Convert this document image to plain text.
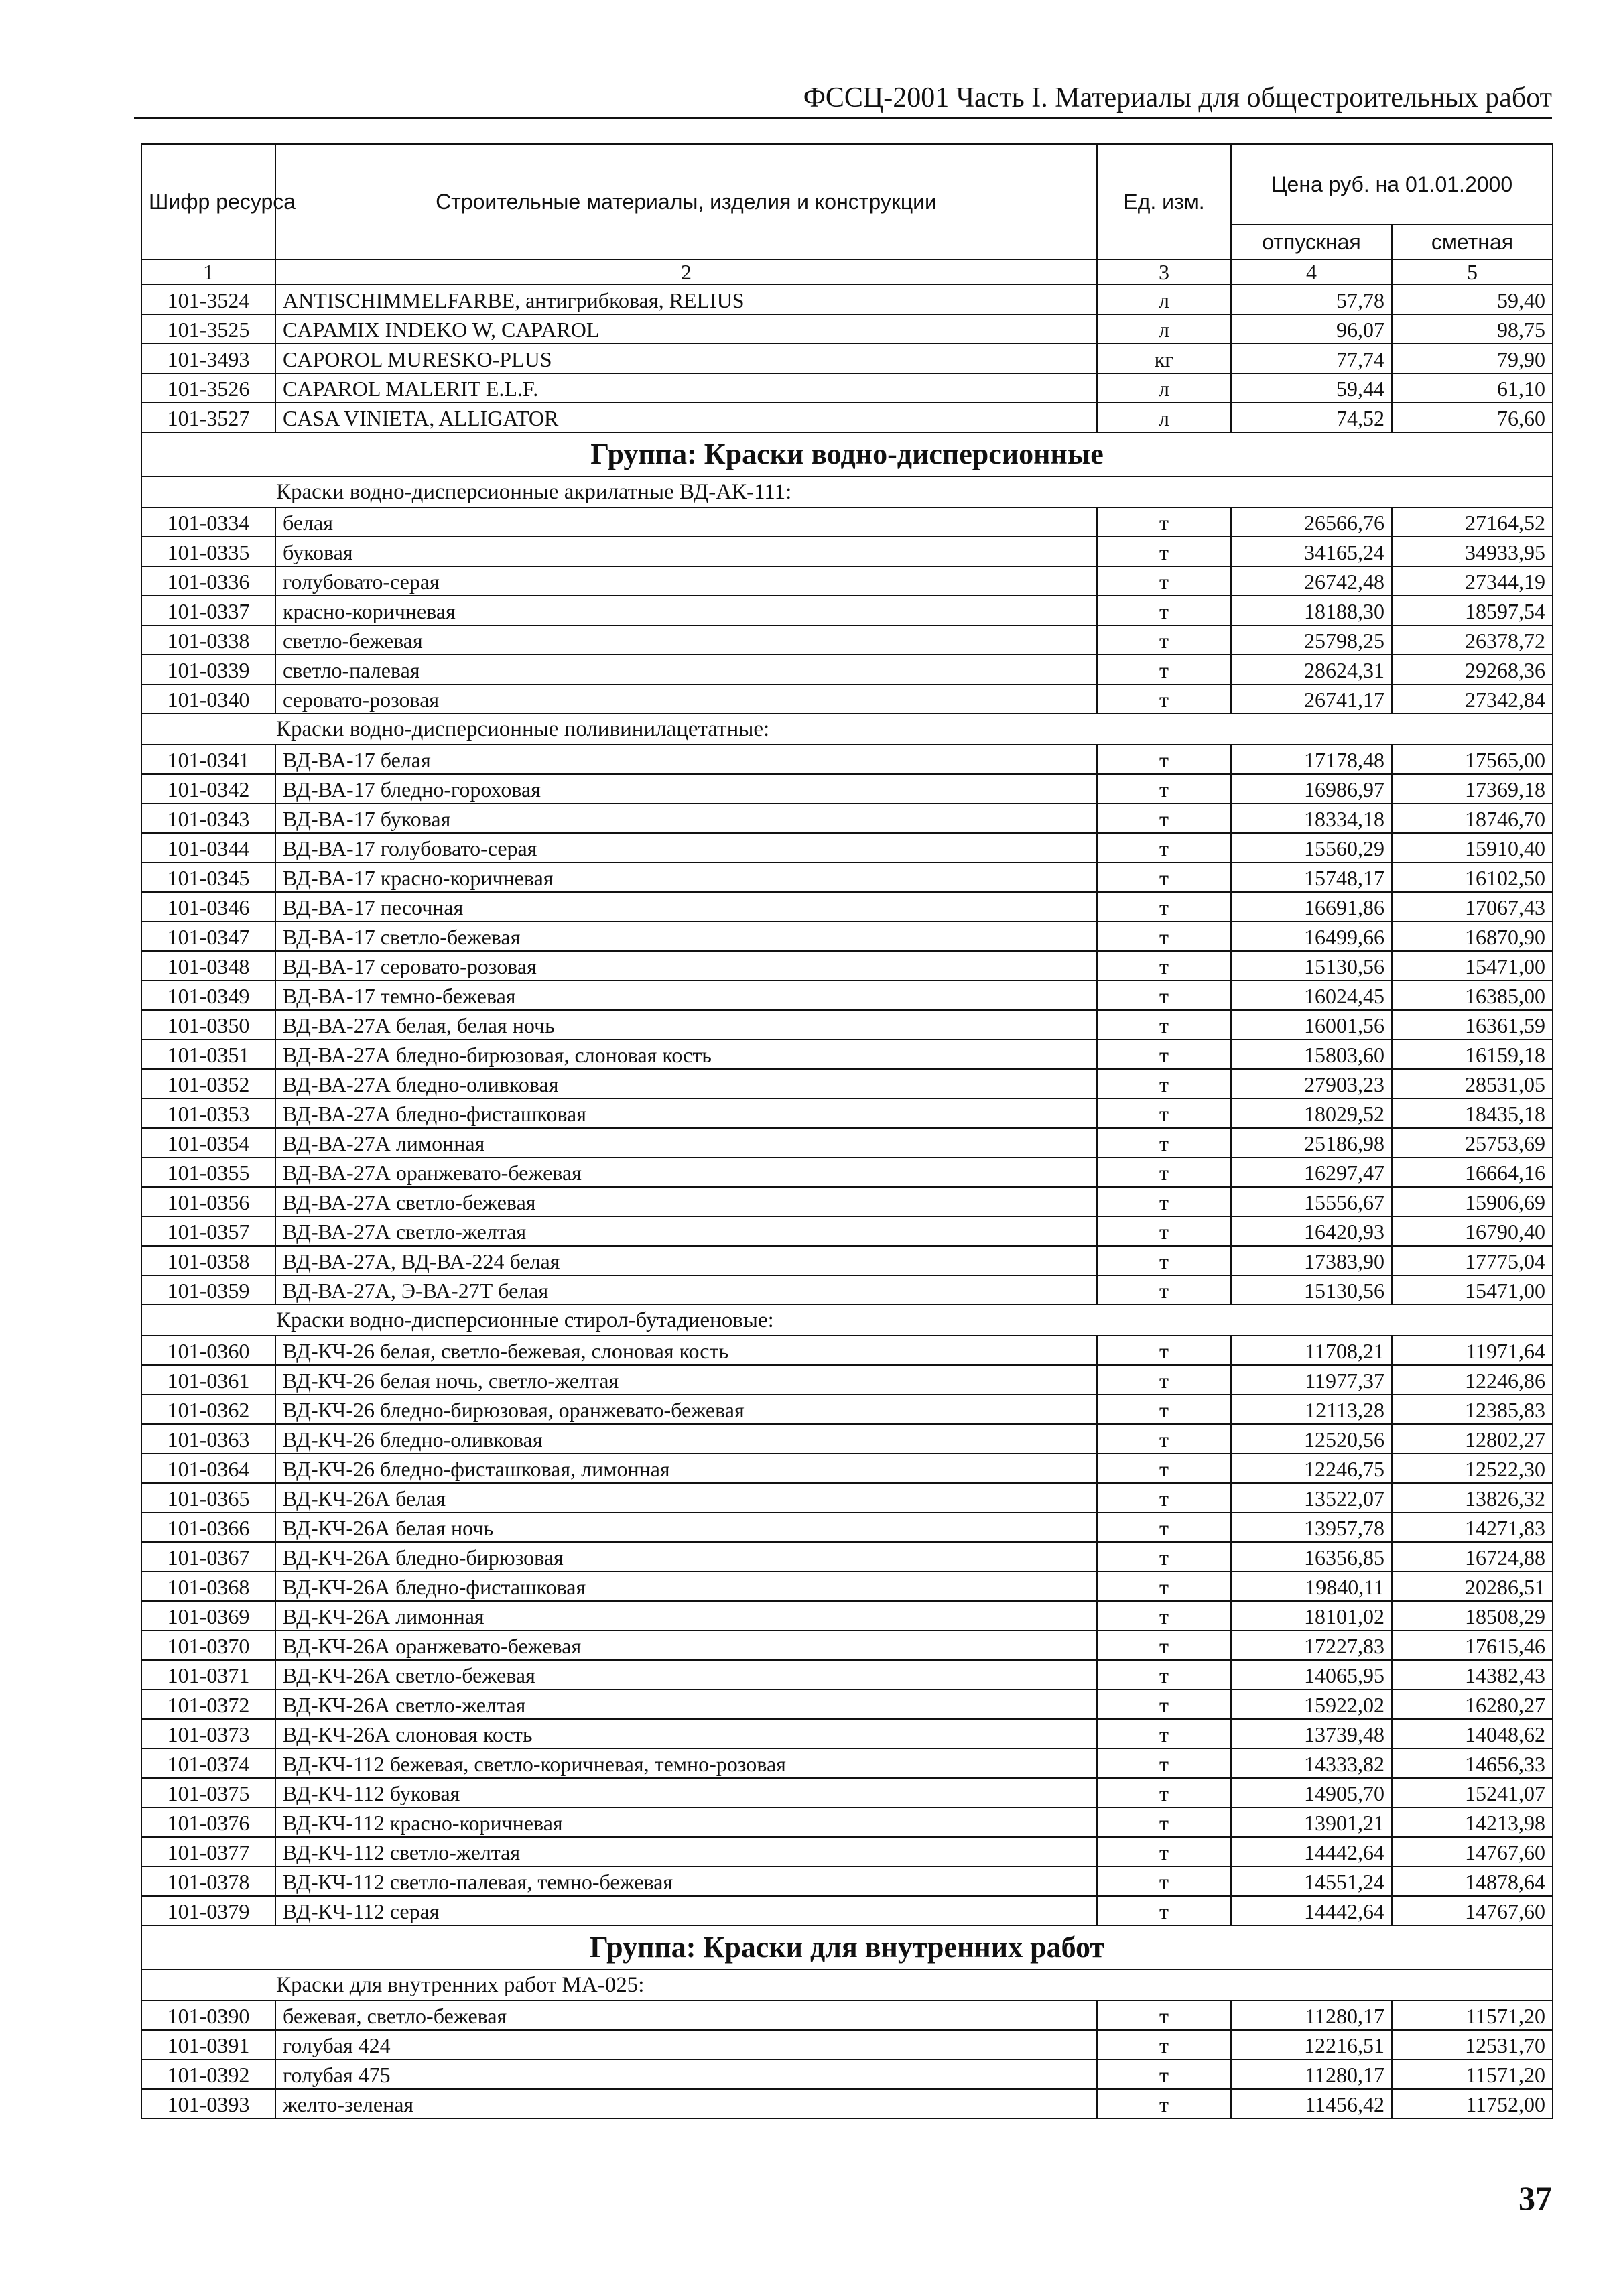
ФССЦ-2001 Часть I. Материалы для общестроительных работ
Шифр ресурса	Строительные материалы, изделия и конструкции	Ед. изм.	Цена руб. на 01.01.2000	
			отпускная	сметная
1	2	3	4	5
101-3524	ANTISCHIMMELFARBE, антигрибковая, RELIUS	л	57,78	59,40
101-3525	CAPAMIX INDEKO W, CAPAROL	л	96,07	98,75
101-3493	CAPOROL MURESKO-PLUS	кг	77,74	79,90
101-3526	CAPAROL MALERIT E.L.F.	л	59,44	61,10
101-3527	CASA VINIETA, ALLIGATOR	л	74,52	76,60
Группа: Краски водно-дисперсионные				
Краски водно-дисперсионные акрилатные ВД-АК-111:				
101-0334	белая	т	26566,76	27164,52
101-0335	буковая	т	34165,24	34933,95
101-0336	голубовато-серая	т	26742,48	27344,19
101-0337	красно-коричневая	т	18188,30	18597,54
101-0338	светло-бежевая	т	25798,25	26378,72
101-0339	светло-палевая	т	28624,31	29268,36
101-0340	серовато-розовая	т	26741,17	27342,84
Краски водно-дисперсионные поливинилацетатные:				
101-0341	ВД-ВА-17 белая	т	17178,48	17565,00
101-0342	ВД-ВА-17 бледно-гороховая	т	16986,97	17369,18
101-0343	ВД-ВА-17 буковая	т	18334,18	18746,70
101-0344	ВД-ВА-17 голубовато-серая	т	15560,29	15910,40
101-0345	ВД-ВА-17 красно-коричневая	т	15748,17	16102,50
101-0346	ВД-ВА-17 песочная	т	16691,86	17067,43
101-0347	ВД-ВА-17 светло-бежевая	т	16499,66	16870,90
101-0348	ВД-ВА-17 серовато-розовая	т	15130,56	15471,00
101-0349	ВД-ВА-17 темно-бежевая	т	16024,45	16385,00
101-0350	ВД-ВА-27А белая, белая ночь	т	16001,56	16361,59
101-0351	ВД-ВА-27А бледно-бирюзовая, слоновая кость	т	15803,60	16159,18
101-0352	ВД-ВА-27А бледно-оливковая	т	27903,23	28531,05
101-0353	ВД-ВА-27А бледно-фисташковая	т	18029,52	18435,18
101-0354	ВД-ВА-27А лимонная	т	25186,98	25753,69
101-0355	ВД-ВА-27А оранжевато-бежевая	т	16297,47	16664,16
101-0356	ВД-ВА-27А светло-бежевая	т	15556,67	15906,69
101-0357	ВД-ВА-27А светло-желтая	т	16420,93	16790,40
101-0358	ВД-ВА-27А, ВД-ВА-224 белая	т	17383,90	17775,04
101-0359	ВД-ВА-27А, Э-ВА-27Т белая	т	15130,56	15471,00
Краски водно-дисперсионные стирол-бутадиеновые:				
101-0360	ВД-КЧ-26 белая, светло-бежевая, слоновая кость	т	11708,21	11971,64
101-0361	ВД-КЧ-26 белая ночь, светло-желтая	т	11977,37	12246,86
101-0362	ВД-КЧ-26 бледно-бирюзовая, оранжевато-бежевая	т	12113,28	12385,83
101-0363	ВД-КЧ-26 бледно-оливковая	т	12520,56	12802,27
101-0364	ВД-КЧ-26 бледно-фисташковая, лимонная	т	12246,75	12522,30
101-0365	ВД-КЧ-26А белая	т	13522,07	13826,32
101-0366	ВД-КЧ-26А белая ночь	т	13957,78	14271,83
101-0367	ВД-КЧ-26А бледно-бирюзовая	т	16356,85	16724,88
101-0368	ВД-КЧ-26А бледно-фисташковая	т	19840,11	20286,51
101-0369	ВД-КЧ-26А лимонная	т	18101,02	18508,29
101-0370	ВД-КЧ-26А оранжевато-бежевая	т	17227,83	17615,46
101-0371	ВД-КЧ-26А светло-бежевая	т	14065,95	14382,43
101-0372	ВД-КЧ-26А светло-желтая	т	15922,02	16280,27
101-0373	ВД-КЧ-26А слоновая кость	т	13739,48	14048,62
101-0374	ВД-КЧ-112 бежевая, светло-коричневая, темно-розовая	т	14333,82	14656,33
101-0375	ВД-КЧ-112 буковая	т	14905,70	15241,07
101-0376	ВД-КЧ-112 красно-коричневая	т	13901,21	14213,98
101-0377	ВД-КЧ-112 светло-желтая	т	14442,64	14767,60
101-0378	ВД-КЧ-112 светло-палевая, темно-бежевая	т	14551,24	14878,64
101-0379	ВД-КЧ-112 серая	т	14442,64	14767,60
Группа: Краски для внутренних работ				
Краски для внутренних работ МА-025:				
101-0390	бежевая, светло-бежевая	т	11280,17	11571,20
101-0391	голубая 424	т	12216,51	12531,70
101-0392	голубая 475	т	11280,17	11571,20
101-0393	желто-зеленая	т	11456,42	11752,00
37
